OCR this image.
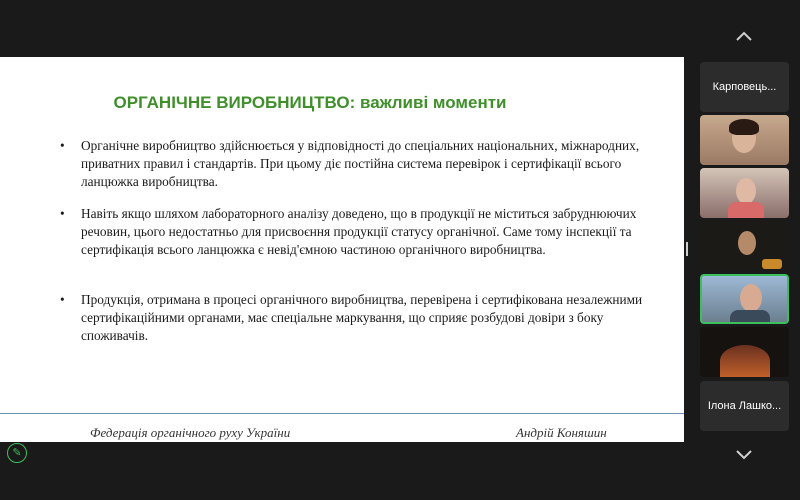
ОРГАНІЧНЕ ВИРОБНИЦТВО: важливі моменти
•	Органічне виробництво здійснюється у відповідності до спеціальних національних, міжнародних, приватних правил і стандартів. При цьому діє постійна система перевірок і сертифікації всього ланцюжка виробництва.
•	Навіть якщо шляхом лабораторного аналізу доведено, що в продукції не міститься забруднюючих речовин, цього недостатньо для присвоєння продукції статусу органічної. Саме тому інспекції та сертифікація всього ланцюжка є невід'ємною частиною органічного виробництва.
•	Продукція, отримана в процесі органічного виробництва, перевірена і сертифікована незалежними сертифікаційними органами, має спеціальне маркування, що сприяє розбудові довіри з боку споживачів.
Федерація органічного руху України	Андрій Коняшин
Карповець...
Ілона Лашко...
✎
